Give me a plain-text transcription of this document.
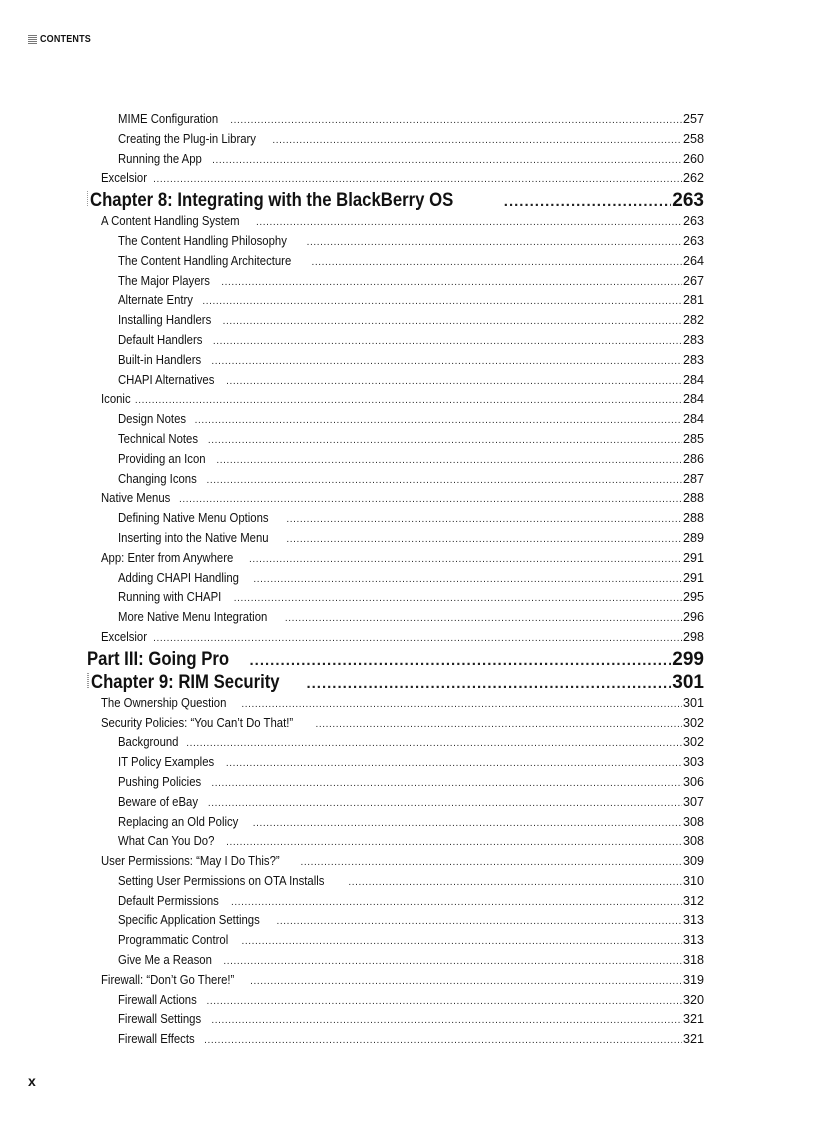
CONTENTS
MIME Configuration .....	257
Creating the Plug-in Library .....	258
Running the App .....	260
Excelsior .....	262
Chapter 8: Integrating with the BlackBerry OS .....	263
A Content Handling System .....	263
The Content Handling Philosophy .....	263
The Content Handling Architecture .....	264
The Major Players .....	267
Alternate Entry .....	281
Installing Handlers .....	282
Default Handlers .....	283
Built-in Handlers .....	283
CHAPI Alternatives .....	284
Iconic .....	284
Design Notes .....	284
Technical Notes .....	285
Providing an Icon .....	286
Changing Icons .....	287
Native Menus .....	288
Defining Native Menu Options .....	288
Inserting into the Native Menu .....	289
App: Enter from Anywhere .....	291
Adding CHAPI Handling .....	291
Running with CHAPI .....	295
More Native Menu Integration .....	296
Excelsior .....	298
Part III: Going Pro .....	299
Chapter 9: RIM Security .....	301
The Ownership Question .....	301
Security Policies: “You Can’t Do That!” .....	302
Background .....	302
IT Policy Examples .....	303
Pushing Policies .....	306
Beware of eBay .....	307
Replacing an Old Policy .....	308
What Can You Do? .....	308
User Permissions: “May I Do This?” .....	309
Setting User Permissions on OTA Installs .....	310
Default Permissions .....	312
Specific Application Settings .....	313
Programmatic Control .....	313
Give Me a Reason .....	318
Firewall: “Don’t Go There!” .....	319
Firewall Actions .....	320
Firewall Settings .....	321
Firewall Effects .....	321
x
